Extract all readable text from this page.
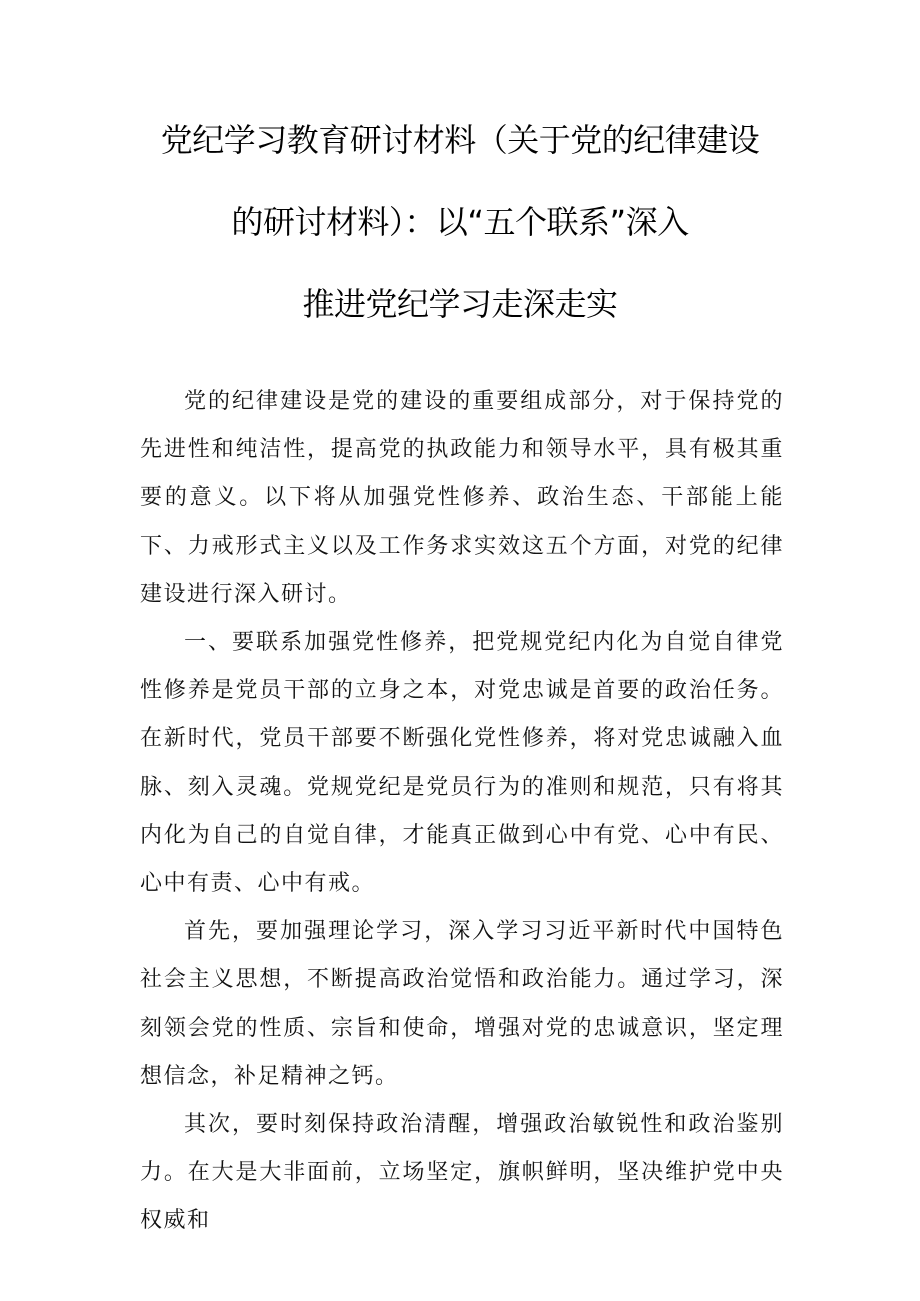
党纪学习教育研讨材料（关于党的纪律建设
的研讨材料）：以“五个联系”深入
推进党纪学习走深走实

党的纪律建设是党的建设的重要组成部分，对于保持党的先进性和纯洁性，提高党的执政能力和领导水平，具有极其重要的意义。以下将从加强党性修养、政治生态、干部能上能下、力戒形式主义以及工作务求实效这五个方面，对党的纪律建设进行深入研讨。

一、要联系加强党性修养，把党规党纪内化为自觉自律党性修养是党员干部的立身之本，对党忠诚是首要的政治任务。在新时代，党员干部要不断强化党性修养，将对党忠诚融入血脉、刻入灵魂。党规党纪是党员行为的准则和规范，只有将其内化为自己的自觉自律，才能真正做到心中有党、心中有民、心中有责、心中有戒。

首先，要加强理论学习，深入学习习近平新时代中国特色社会主义思想，不断提高政治觉悟和政治能力。通过学习，深刻领会党的性质、宗旨和使命，增强对党的忠诚意识，坚定理想信念，补足精神之钙。

其次，要时刻保持政治清醒，增强政治敏锐性和政治鉴别力。在大是大非面前，立场坚定，旗帜鲜明，坚决维护党中央权威和
